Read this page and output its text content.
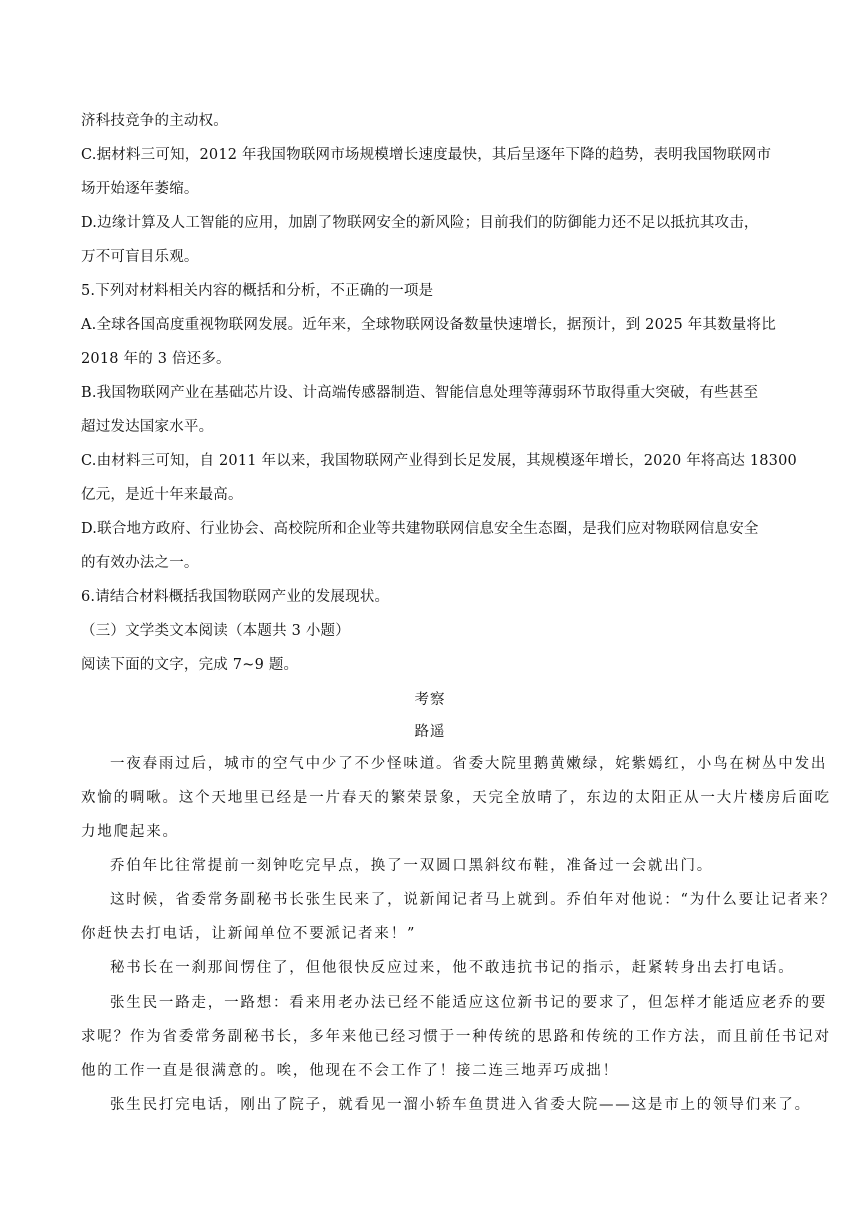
济科技竞争的主动权。

C.据材料三可知，2012 年我国物联网市场规模增长速度最快，其后呈逐年下降的趋势，表明我国物联网市

场开始逐年萎缩。

D.边缘计算及人工智能的应用，加剧了物联网安全的新风险；目前我们的防御能力还不足以抵抗其攻击，

万不可盲目乐观。

5.下列对材料相关内容的概括和分析，不正确的一项是

A.全球各国高度重视物联网发展。近年来，全球物联网设备数量快速增长，据预计，到 2025 年其数量将比

2018 年的 3 倍还多。

B.我国物联网产业在基础芯片设、计高端传感器制造、智能信息处理等薄弱环节取得重大突破，有些甚至

超过发达国家水平。

C.由材料三可知，自 2011 年以来，我国物联网产业得到长足发展，其规模逐年增长，2020 年将高达 18300

亿元，是近十年来最高。

D.联合地方政府、行业协会、高校院所和企业等共建物联网信息安全生态圈，是我们应对物联网信息安全

的有效办法之一。

6.请结合材料概括我国物联网产业的发展现状。

（三）文学类文本阅读（本题共 3 小题）

阅读下面的文字，完成 7~9 题。

考察

路遥

一夜春雨过后，城市的空气中少了不少怪味道。省委大院里鹅黄嫩绿，姹紫嫣红，小鸟在树丛中发出

欢愉的啁啾。这个天地里已经是一片春天的繁荣景象，天完全放晴了，东边的太阳正从一大片楼房后面吃

力地爬起来。

乔伯年比往常提前一刻钟吃完早点，换了一双圆口黑斜纹布鞋，准备过一会就出门。

这时候，省委常务副秘书长张生民来了，说新闻记者马上就到。乔伯年对他说：“为什么要让记者来？

你赶快去打电话，让新闻单位不要派记者来！”

秘书长在一刹那间愣住了，但他很快反应过来，他不敢违抗书记的指示，赶紧转身出去打电话。

张生民一路走，一路想：看来用老办法已经不能适应这位新书记的要求了，但怎样才能适应老乔的要

求呢？作为省委常务副秘书长，多年来他已经习惯于一种传统的思路和传统的工作方法，而且前任书记对

他的工作一直是很满意的。唉，他现在不会工作了！接二连三地弄巧成拙！

张生民打完电话，刚出了院子，就看见一溜小轿车鱼贯进入省委大院——这是市上的领导们来了。
